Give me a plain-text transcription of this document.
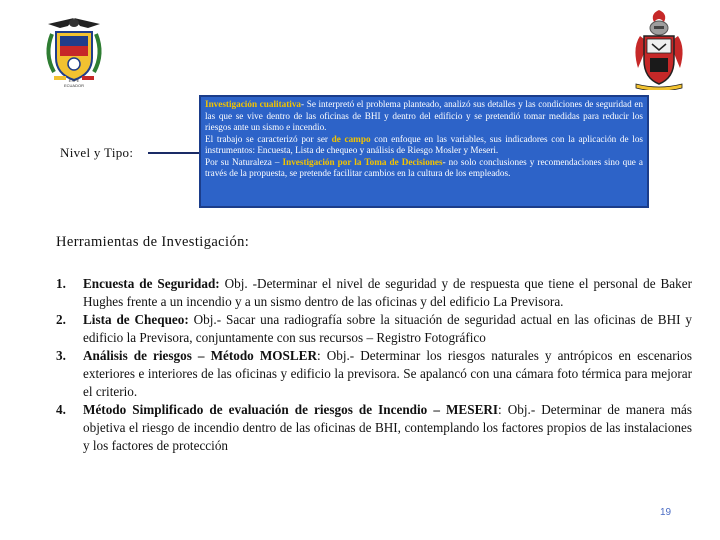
ESPE
ECUADOR
Nivel y Tipo:

Investigación cualitativa- Se interpretó el problema planteado, analizó sus detalles y las condiciones de seguridad en las que se vive dentro de las oficinas de BHI y dentro del edificio y se pretendió tomar medidas para reducir los riesgos ante un sismo e incendio.

El trabajo se caracterizó por ser de campo con enfoque en las variables, sus indicadores con la aplicación de los instrumentos: Encuesta, Lista de chequeo y análisis de Riesgo Mosler y Meseri.

Por su Naturaleza – Investigación por la Toma de Decisiones- no solo conclusiones y recomendaciones sino que a través de la propuesta, se pretende facilitar cambios en la cultura de los empleados.

Herramientas de Investigación:
1. Encuesta de Seguridad: Obj. -Determinar el nivel de seguridad y de respuesta que tiene el personal de Baker Hughes frente a un incendio y a un sismo dentro de las oficinas y del edificio La Previsora.
2. Lista de Chequeo: Obj.- Sacar una radiografía sobre la situación de seguridad actual en las oficinas de BHI y edificio la Previsora, conjuntamente con sus recursos – Registro Fotográfico
3. Análisis de riesgos – Método MOSLER: Obj.- Determinar los riesgos naturales y antrópicos en escenarios exteriores e interiores de las oficinas y edificio la previsora. Se apalancó con una cámara foto térmica para mejorar el criterio.
4. Método Simplificado de evaluación de riesgos de Incendio – MESERI: Obj.- Determinar de manera más objetiva el riesgo de incendio dentro de las oficinas de BHI, contemplando los factores propios de las instalaciones y los factores de protección
19
